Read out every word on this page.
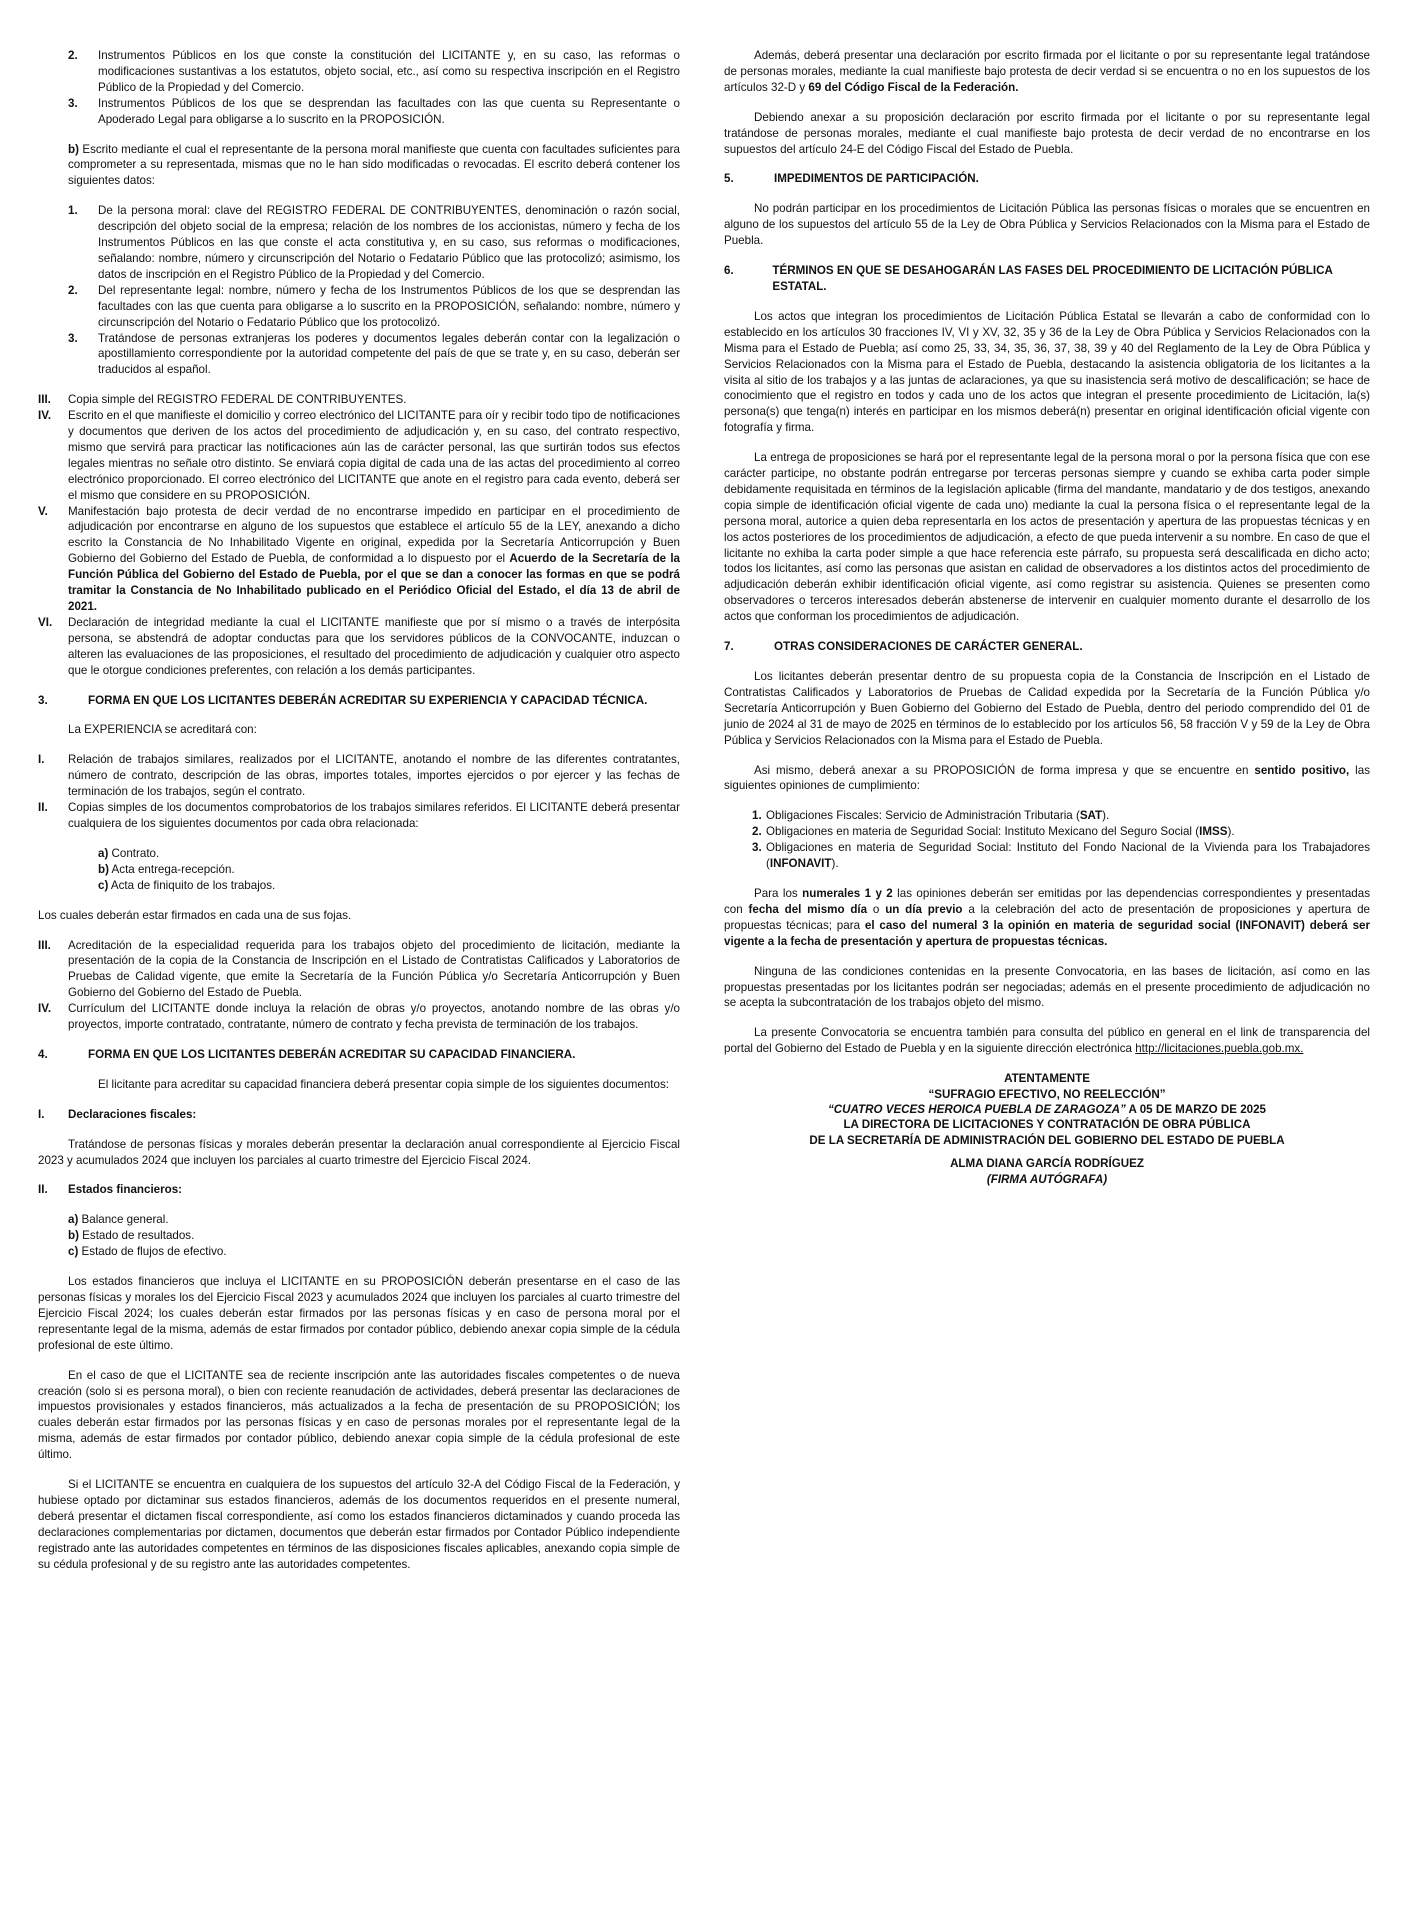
2.	Instrumentos Públicos en los que conste la constitución del LICITANTE y, en su caso, las reformas o modificaciones sustantivas a los estatutos, objeto social, etc., así como su respectiva inscripción en el Registro Público de la Propiedad y del Comercio.
3.	Instrumentos Públicos de los que se desprendan las facultades con las que cuenta su Representante o Apoderado Legal para obligarse a lo suscrito en la PROPOSICIÓN.

b) Escrito mediante el cual el representante de la persona moral manifieste que cuenta con facultades suficientes para comprometer a su representada, mismas que no le han sido modificadas o revocadas. El escrito deberá contener los siguientes datos:

1.	De la persona moral: clave del REGISTRO FEDERAL DE CONTRIBUYENTES, denominación o razón social, descripción del objeto social de la empresa; relación de los nombres de los accionistas, número y fecha de los Instrumentos Públicos en las que conste el acta constitutiva y, en su caso, sus reformas o modificaciones, señalando: nombre, número y circunscripción del Notario o Fedatario Público que las protocolizó; asimismo, los datos de inscripción en el Registro Público de la Propiedad y del Comercio.
2.	Del representante legal: nombre, número y fecha de los Instrumentos Públicos de los que se desprendan las facultades con las que cuenta para obligarse a lo suscrito en la PROPOSICIÓN, señalando: nombre, número y circunscripción del Notario o Fedatario Público que los protocolizó.
3.	Tratándose de personas extranjeras los poderes y documentos legales deberán contar con la legalización o apostillamiento correspondiente por la autoridad competente del país de que se trate y, en su caso, deberán ser traducidos al español.
III.	Copia simple del REGISTRO FEDERAL DE CONTRIBUYENTES.
IV.	Escrito en el que manifieste el domicilio y correo electrónico del LICITANTE para oír y recibir todo tipo de notificaciones y documentos que deriven de los actos del procedimiento de adjudicación y, en su caso, del contrato respectivo, mismo que servirá para practicar las notificaciones aún las de carácter personal, las que surtirán todos sus efectos legales mientras no señale otro distinto. Se enviará copia digital de cada una de las actas del procedimiento al correo electrónico proporcionado. El correo electrónico del LICITANTE que anote en el registro para cada evento, deberá ser el mismo que considere en su PROPOSICIÓN.
V.	Manifestación bajo protesta de decir verdad de no encontrarse impedido en participar en el procedimiento de adjudicación por encontrarse en alguno de los supuestos que establece el artículo 55 de la LEY, anexando a dicho escrito la Constancia de No Inhabilitado Vigente en original, expedida por la Secretaría Anticorrupción y Buen Gobierno del Gobierno del Estado de Puebla, de conformidad a lo dispuesto por el Acuerdo de la Secretaría de la Función Pública del Gobierno del Estado de Puebla, por el que se dan a conocer las formas en que se podrá tramitar la Constancia de No Inhabilitado publicado en el Periódico Oficial del Estado, el día 13 de abril de 2021.
VI.	Declaración de integridad mediante la cual el LICITANTE manifieste que por sí mismo o a través de interpósita persona, se abstendrá de adoptar conductas para que los servidores públicos de la CONVOCANTE, induzcan o alteren las evaluaciones de las proposiciones, el resultado del procedimiento de adjudicación y cualquier otro aspecto que le otorgue condiciones preferentes, con relación a los demás participantes.
3.	FORMA EN QUE LOS LICITANTES DEBERÁN ACREDITAR SU EXPERIENCIA Y CAPACIDAD TÉCNICA.

La EXPERIENCIA se acreditará con:

I.	Relación de trabajos similares, realizados por el LICITANTE, anotando el nombre de las diferentes contratantes, número de contrato, descripción de las obras, importes totales, importes ejercidos o por ejercer y las fechas de terminación de los trabajos, según el contrato.
II.	Copias simples de los documentos comprobatorios de los trabajos similares referidos. El LICITANTE deberá presentar cualquiera de los siguientes documentos por cada obra relacionada:

a) Contrato.

b) Acta entrega-recepción.

c) Acta de finiquito de los trabajos.

Los cuales deberán estar firmados en cada una de sus fojas.

III.	Acreditación de la especialidad requerida para los trabajos objeto del procedimiento de licitación, mediante la presentación de la copia de la Constancia de Inscripción en el Listado de Contratistas Calificados y Laboratorios de Pruebas de Calidad vigente, que emite la Secretaría de la Función Pública y/o Secretaría Anticorrupción y Buen Gobierno del Gobierno del Estado de Puebla.
IV.	Currículum del LICITANTE donde incluya la relación de obras y/o proyectos, anotando nombre de las obras y/o proyectos, importe contratado, contratante, número de contrato y fecha prevista de terminación de los trabajos.
4.	FORMA EN QUE LOS LICITANTES DEBERÁN ACREDITAR SU CAPACIDAD FINANCIERA.

El licitante para acreditar su capacidad financiera deberá presentar copia simple de los siguientes documentos:

I.	Declaraciones fiscales:

Tratándose de personas físicas y morales deberán presentar la declaración anual correspondiente al Ejercicio Fiscal 2023 y acumulados 2024 que incluyen los parciales al cuarto trimestre del Ejercicio Fiscal 2024.

II.	Estados financieros:

a) Balance general.

b) Estado de resultados.

c) Estado de flujos de efectivo.

Los estados financieros que incluya el LICITANTE en su PROPOSICIÓN deberán presentarse en el caso de las personas físicas y morales los del Ejercicio Fiscal 2023 y acumulados 2024 que incluyen los parciales al cuarto trimestre del Ejercicio Fiscal 2024; los cuales deberán estar firmados por las personas físicas y en caso de persona moral por el representante legal de la misma, además de estar firmados por contador público, debiendo anexar copia simple de la cédula profesional de este último.

En el caso de que el LICITANTE sea de reciente inscripción ante las autoridades fiscales competentes o de nueva creación (solo si es persona moral), o bien con reciente reanudación de actividades, deberá presentar las declaraciones de impuestos provisionales y estados financieros, más actualizados a la fecha de presentación de su PROPOSICIÓN; los cuales deberán estar firmados por las personas físicas y en caso de personas morales por el representante legal de la misma, además de estar firmados por contador público, debiendo anexar copia simple de la cédula profesional de este último.

Si el LICITANTE se encuentra en cualquiera de los supuestos del artículo 32-A del Código Fiscal de la Federación, y hubiese optado por dictaminar sus estados financieros, además de los documentos requeridos en el presente numeral, deberá presentar el dictamen fiscal correspondiente, así como los estados financieros dictaminados y cuando proceda las declaraciones complementarias por dictamen, documentos que deberán estar firmados por Contador Público independiente registrado ante las autoridades competentes en términos de las disposiciones fiscales aplicables, anexando copia simple de su cédula profesional y de su registro ante las autoridades competentes.

Además, deberá presentar una declaración por escrito firmada por el licitante o por su representante legal tratándose de personas morales, mediante la cual manifieste bajo protesta de decir verdad si se encuentra o no en los supuestos de los artículos 32-D y 69 del Código Fiscal de la Federación.

Debiendo anexar a su proposición declaración por escrito firmada por el licitante o por su representante legal tratándose de personas morales, mediante el cual manifieste bajo protesta de decir verdad de no encontrarse en los supuestos del artículo 24-E del Código Fiscal del Estado de Puebla.

5.	IMPEDIMENTOS DE PARTICIPACIÓN.

No podrán participar en los procedimientos de Licitación Pública las personas físicas o morales que se encuentren en alguno de los supuestos del artículo 55 de la Ley de Obra Pública y Servicios Relacionados con la Misma para el Estado de Puebla.

6.	TÉRMINOS EN QUE SE DESAHOGARÁN LAS FASES DEL PROCEDIMIENTO DE LICITACIÓN PÚBLICA ESTATAL.

Los actos que integran los procedimientos de Licitación Pública Estatal se llevarán a cabo de conformidad con lo establecido en los artículos 30 fracciones IV, VI y XV, 32, 35 y 36 de la Ley de Obra Pública y Servicios Relacionados con la Misma para el Estado de Puebla; así como 25, 33, 34, 35, 36, 37, 38, 39 y 40 del Reglamento de la Ley de Obra Pública y Servicios Relacionados con la Misma para el Estado de Puebla, destacando la asistencia obligatoria de los licitantes a la visita al sitio de los trabajos y a las juntas de aclaraciones, ya que su inasistencia será motivo de descalificación; se hace de conocimiento que el registro en todos y cada uno de los actos que integran el presente procedimiento de Licitación, la(s) persona(s) que tenga(n) interés en participar en los mismos deberá(n) presentar en original identificación oficial vigente con fotografía y firma.

La entrega de proposiciones se hará por el representante legal de la persona moral o por la persona física que con ese carácter participe, no obstante podrán entregarse por terceras personas siempre y cuando se exhiba carta poder simple debidamente requisitada en términos de la legislación aplicable (firma del mandante, mandatario y de dos testigos, anexando copia simple de identificación oficial vigente de cada uno) mediante la cual la persona física o el representante legal de la persona moral, autorice a quien deba representarla en los actos de presentación y apertura de las propuestas técnicas y en los actos posteriores de los procedimientos de adjudicación, a efecto de que pueda intervenir a su nombre. En caso de que el licitante no exhiba la carta poder simple a que hace referencia este párrafo, su propuesta será descalificada en dicho acto; todos los licitantes, así como las personas que asistan en calidad de observadores a los distintos actos del procedimiento de adjudicación deberán exhibir identificación oficial vigente, así como registrar su asistencia. Quienes se presenten como observadores o terceros interesados deberán abstenerse de intervenir en cualquier momento durante el desarrollo de los actos que conforman los procedimientos de adjudicación.

7.	OTRAS CONSIDERACIONES DE CARÁCTER GENERAL.

Los licitantes deberán presentar dentro de su propuesta copia de la Constancia de Inscripción en el Listado de Contratistas Calificados y Laboratorios de Pruebas de Calidad expedida por la Secretaría de la Función Pública y/o Secretaría Anticorrupción y Buen Gobierno del Gobierno del Estado de Puebla, dentro del periodo comprendido del 01 de junio de 2024 al 31 de mayo de 2025 en términos de lo establecido por los artículos 56, 58 fracción V y 59 de la Ley de Obra Pública y Servicios Relacionados con la Misma para el Estado de Puebla.

Asi mismo, deberá anexar a su PROPOSICIÓN de forma impresa y que se encuentre en sentido positivo, las siguientes opiniones de cumplimiento:

1. Obligaciones Fiscales: Servicio de Administración Tributaria (SAT).
2. Obligaciones en materia de Seguridad Social: Instituto Mexicano del Seguro Social (IMSS).
3. Obligaciones en materia de Seguridad Social: Instituto del Fondo Nacional de la Vivienda para los Trabajadores (INFONAVIT).

Para los numerales 1 y 2 las opiniones deberán ser emitidas por las dependencias correspondientes y presentadas con fecha del mismo día o un día previo a la celebración del acto de presentación de proposiciones y apertura de propuestas técnicas; para el caso del numeral 3 la opinión en materia de seguridad social (INFONAVIT) deberá ser vigente a la fecha de presentación y apertura de propuestas técnicas.

Ninguna de las condiciones contenidas en la presente Convocatoria, en las bases de licitación, así como en las propuestas presentadas por los licitantes podrán ser negociadas; además en el presente procedimiento de adjudicación no se acepta la subcontratación de los trabajos objeto del mismo.

La presente Convocatoria se encuentra también para consulta del público en general en el link de transparencia del portal del Gobierno del Estado de Puebla y en la siguiente dirección electrónica http://licitaciones.puebla.gob.mx.

ATENTAMENTE

“SUFRAGIO EFECTIVO, NO REELECCIÓN”

“CUATRO VECES HEROICA PUEBLA DE ZARAGOZA” A 05 DE MARZO DE 2025

LA DIRECTORA DE LICITACIONES Y CONTRATACIÓN DE OBRA PÚBLICA

DE LA SECRETARÍA DE ADMINISTRACIÓN DEL GOBIERNO DEL ESTADO DE PUEBLA

ALMA DIANA GARCÍA RODRÍGUEZ

(FIRMA AUTÓGRAFA)
